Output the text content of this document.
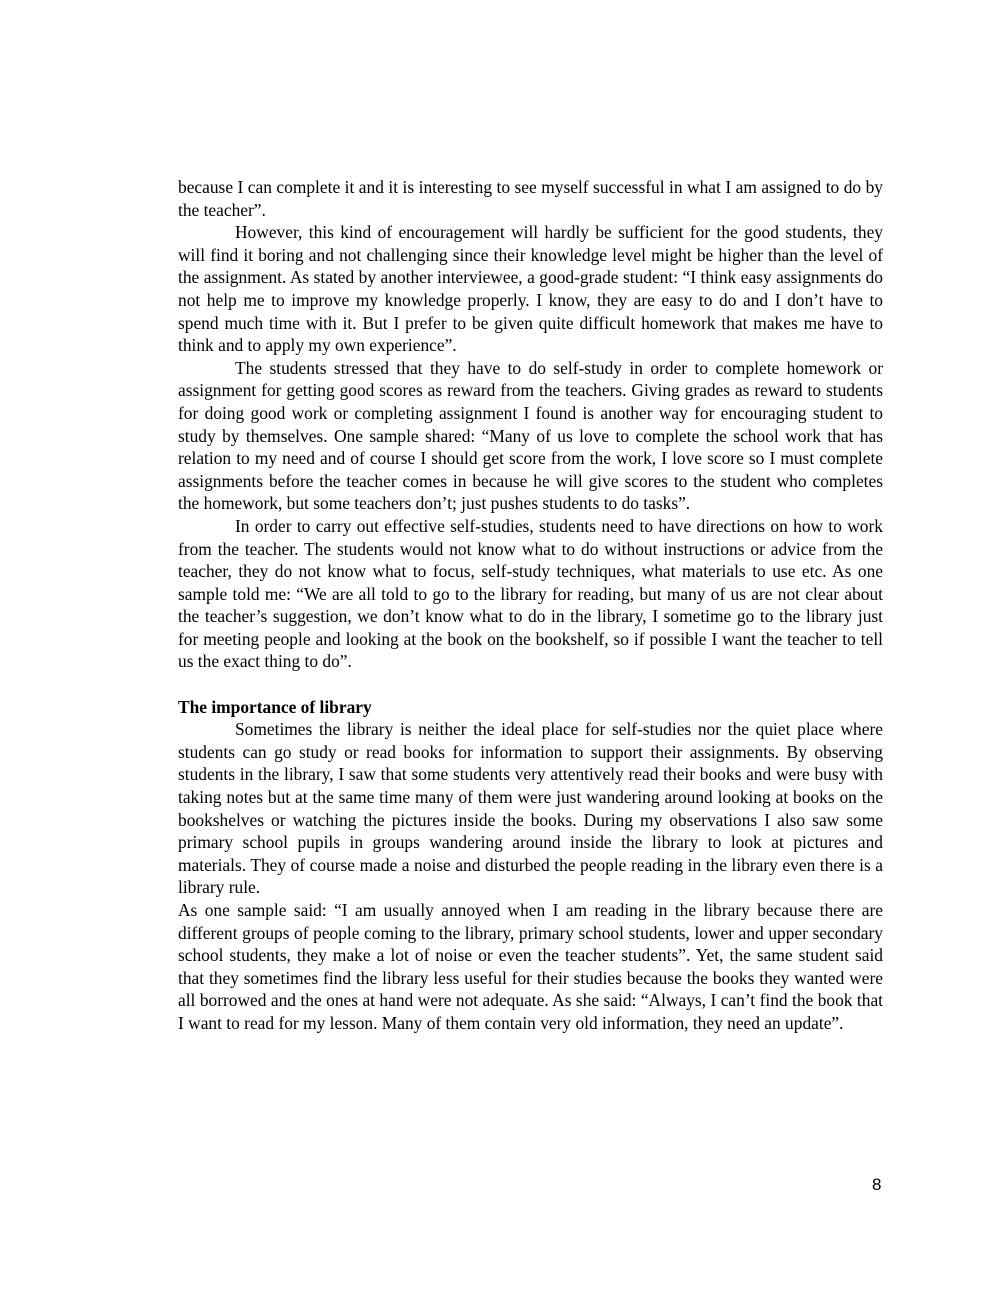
because I can complete it and it is interesting to see myself successful in what I am assigned to do by the teacher”.

However, this kind of encouragement will hardly be sufficient for the good students, they will find it boring and not challenging since their knowledge level might be higher than the level of the assignment. As stated by another interviewee, a good-grade student: “I think easy assignments do not help me to improve my knowledge properly. I know, they are easy to do and I don’t have to spend much time with it. But I prefer to be given quite difficult homework that makes me have to think and to apply my own experience”.

The students stressed that they have to do self-study in order to complete homework or assignment for getting good scores as reward from the teachers. Giving grades as reward to students for doing good work or completing assignment I found is another way for encouraging student to study by themselves. One sample shared: “Many of us love to complete the school work that has relation to my need and of course I should get score from the work, I love score so I must complete assignments before the teacher comes in because he will give scores to the student who completes the homework, but some teachers don’t; just pushes students to do tasks”.

In order to carry out effective self-studies, students need to have directions on how to work from the teacher. The students would not know what to do without instructions or advice from the teacher, they do not know what to focus, self-study techniques, what materials to use etc. As one sample told me: “We are all told to go to the library for reading, but many of us are not clear about the teacher’s suggestion, we don’t know what to do in the library, I sometime go to the library just for meeting people and looking at the book on the bookshelf, so if possible I want the teacher to tell us the exact thing to do”.

The importance of library

Sometimes the library is neither the ideal place for self-studies nor the quiet place where students can go study or read books for information to support their assignments. By observing students in the library, I saw that some students very attentively read their books and were busy with taking notes but at the same time many of them were just wandering around looking at books on the bookshelves or watching the pictures inside the books. During my observations I also saw some primary school pupils in groups wandering around inside the library to look at pictures and materials. They of course made a noise and disturbed the people reading in the library even there is a library rule.

As one sample said: “I am usually annoyed when I am reading in the library because there are different groups of people coming to the library, primary school students, lower and upper secondary school students, they make a lot of noise or even the teacher students”. Yet, the same student said that they sometimes find the library less useful for their studies because the books they wanted were all borrowed and the ones at hand were not adequate. As she said: “Always, I can’t find the book that I want to read for my lesson. Many of them contain very old information, they need an update”.

8
